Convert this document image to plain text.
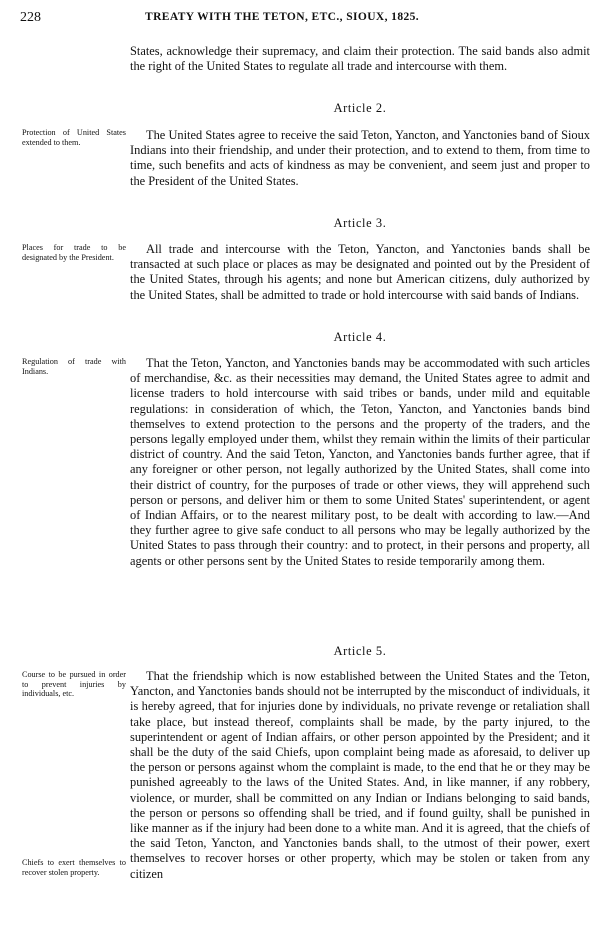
228	TREATY WITH THE TETON, ETC., SIOUX, 1825.
States, acknowledge their supremacy, and claim their protection. The said bands also admit the right of the United States to regulate all trade and intercourse with them.
Article 2.
Protection of United States extended to them.
The United States agree to receive the said Teton, Yancton, and Yanctonies band of Sioux Indians into their friendship, and under their protection, and to extend to them, from time to time, such benefits and acts of kindness as may be convenient, and seem just and proper to the President of the United States.
Article 3.
Places for trade to be designated by the President.
All trade and intercourse with the Teton, Yancton, and Yanctonies bands shall be transacted at such place or places as may be designated and pointed out by the President of the United States, through his agents; and none but American citizens, duly authorized by the United States, shall be admitted to trade or hold intercourse with said bands of Indians.
Article 4.
Regulation of trade with Indians.
That the Teton, Yancton, and Yanctonies bands may be accommodated with such articles of merchandise, &c. as their necessities may demand, the United States agree to admit and license traders to hold intercourse with said tribes or bands, under mild and equitable regulations: in consideration of which, the Teton, Yancton, and Yanctonies bands bind themselves to extend protection to the persons and the property of the traders, and the persons legally employed under them, whilst they remain within the limits of their particular district of country. And the said Teton, Yancton, and Yanctonies bands further agree, that if any foreigner or other person, not legally authorized by the United States, shall come into their district of country, for the purposes of trade or other views, they will apprehend such person or persons, and deliver him or them to some United States' superintendent, or agent of Indian Affairs, or to the nearest military post, to be dealt with according to law.—And they further agree to give safe conduct to all persons who may be legally authorized by the United States to pass through their country: and to protect, in their persons and property, all agents or other persons sent by the United States to reside temporarily among them.
Article 5.
Course to be pursued in order to prevent injuries by individuals, etc.
Chiefs to exert themselves to recover stolen property.
That the friendship which is now established between the United States and the Teton, Yancton, and Yanctonies bands should not be interrupted by the misconduct of individuals, it is hereby agreed, that for injuries done by individuals, no private revenge or retaliation shall take place, but instead thereof, complaints shall be made, by the party injured, to the superintendent or agent of Indian affairs, or other person appointed by the President; and it shall be the duty of the said Chiefs, upon complaint being made as aforesaid, to deliver up the person or persons against whom the complaint is made, to the end that he or they may be punished agreeably to the laws of the United States. And, in like manner, if any robbery, violence, or murder, shall be committed on any Indian or Indians belonging to said bands, the person or persons so offending shall be tried, and if found guilty, shall be punished in like manner as if the injury had been done to a white man. And it is agreed, that the chiefs of the said Teton, Yancton, and Yanctonies bands shall, to the utmost of their power, exert themselves to recover horses or other property, which may be stolen or taken from any citizen
